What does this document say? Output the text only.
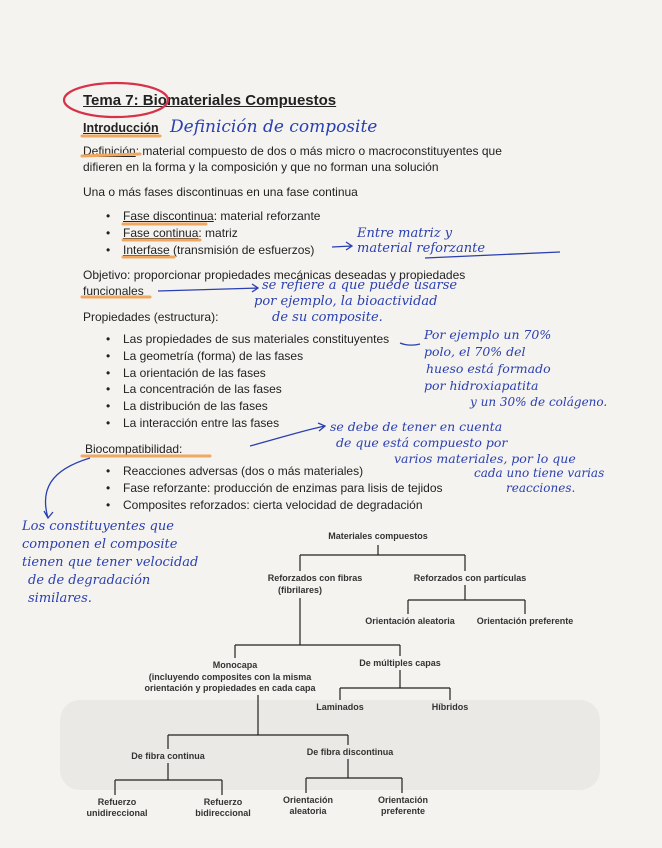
Tema 7: Biomateriales Compuestos
Introducción Definición de composite
Definición: material compuesto de dos o más micro o macroconstituyentes que
difieren en la forma y la composición y que no forman una solución
Una o más fases discontinuas en una fase continua
• Fase discontinua: material reforzante
• Fase continua: matriz
• Interfase (transmisión de esfuerzos)
Entre matriz y
material reforzante
Objetivo: proporcionar propiedades mecánicas deseadas y propiedades
funcionales	se refiere a que puede usarse
por ejemplo, la bioactividad
de su composite.
Propiedades (estructura):
• Las propiedades de sus materiales constituyentes
• La geometría (forma) de las fases
• La orientación de las fases
• La concentración de las fases
• La distribución de las fases
• La interacción entre las fases
Por ejemplo un 70%
polo, el 70% del
hueso está formado
por hidroxiapatita
y un 30% de colágeno.
Biocompatibilidad:
• Reacciones adversas (dos o más materiales)
• Fase reforzante: producción de enzimas para lisis de tejidos
• Composites reforzados: cierta velocidad de degradación
se debe de tener en cuenta
de que está compuesto por
varios materiales, por lo que
cada uno tiene varias
reacciones.
Los constituyentes que
componen el composite
tienen que tener velocidad
de de degradación
similares.
Materiales compuestos
Reforzados con fibras
(fibrilares)
Reforzados con partículas
Orientación aleatoria	Orientación preferente
Monocapa
(incluyendo composites con la misma
orientación y propiedades en cada capa
De múltiples capas
Laminados	Híbridos
De fibra continua	De fibra discontinua
Refuerzo
unidireccional
Refuerzo
bidireccional
Orientación
aleatoria
Orientación
preferente
